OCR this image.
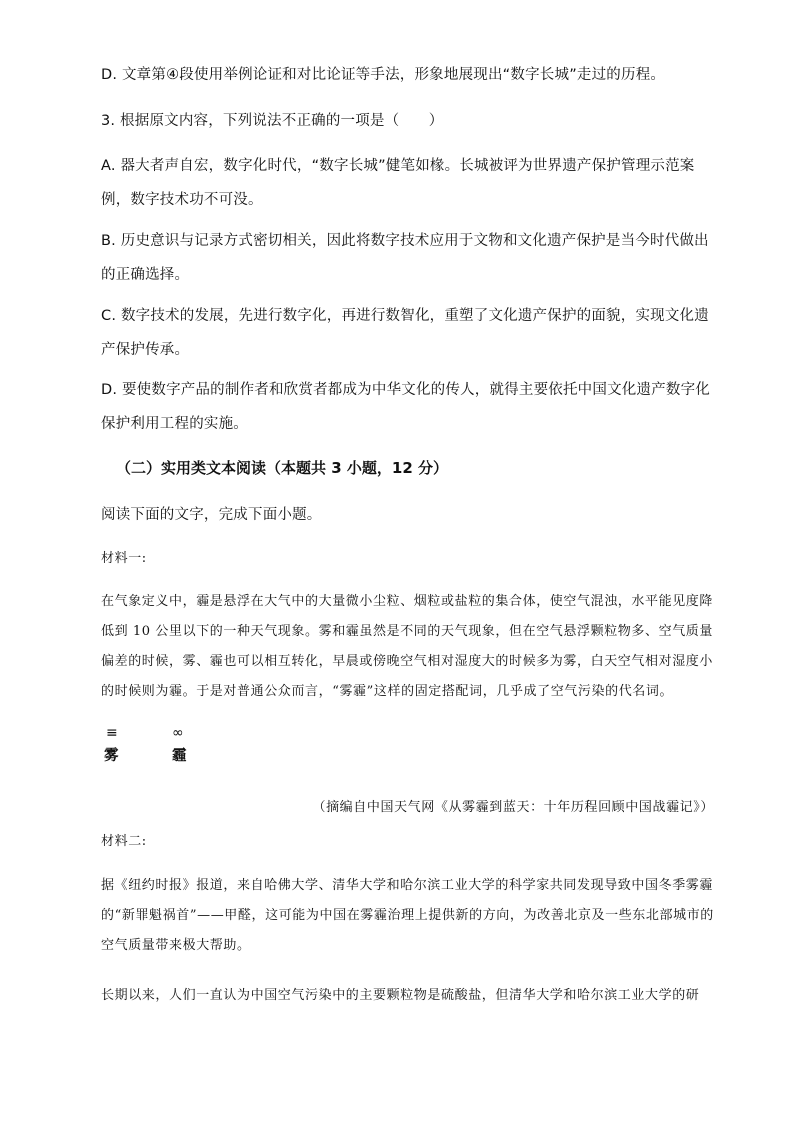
D. 文章第④段使用举例论证和对比论证等手法，形象地展现出“数字长城”走过的历程。

3. 根据原文内容，下列说法不正确的一项是（　　）

A. 器大者声自宏，数字化时代，“数字长城”健笔如椽。长城被评为世界遗产保护管理示范案例，数字技术功不可没。

B. 历史意识与记录方式密切相关，因此将数字技术应用于文物和文化遗产保护是当今时代做出的正确选择。

C. 数字技术的发展，先进行数字化，再进行数智化，重塑了文化遗产保护的面貌，实现文化遗产保护传承。

D. 要使数字产品的制作者和欣赏者都成为中华文化的传人，就得主要依托中国文化遗产数字化保护利用工程的实施。

（二）实用类文本阅读（本题共 3 小题，12 分）

阅读下面的文字，完成下面小题。

材料一:

在气象定义中，霾是悬浮在大气中的大量微小尘粒、烟粒或盐粒的集合体，使空气混浊，水平能见度降低到 10 公里以下的一种天气现象。雾和霾虽然是不同的天气现象，但在空气悬浮颗粒物多、空气质量偏差的时候，雾、霾也可以相互转化，早晨或傍晚空气相对湿度大的时候多为雾，白天空气相对湿度小的时候则为霾。于是对普通公众而言，“雾霾”这样的固定搭配词，几乎成了空气污染的代名词。

≡
雾
∞
霾

（摘编自中国天气网《从雾霾到蓝天：十年历程回顾中国战霾记》）

材料二:

据《纽约时报》报道，来自哈佛大学、清华大学和哈尔滨工业大学的科学家共同发现导致中国冬季雾霾的“新罪魁祸首”——甲醛，这可能为中国在雾霾治理上提供新的方向，为改善北京及一些东北部城市的空气质量带来极大帮助。

长期以来，人们一直认为中国空气污染中的主要颗粒物是硫酸盐，但清华大学和哈尔滨工业大学的研
